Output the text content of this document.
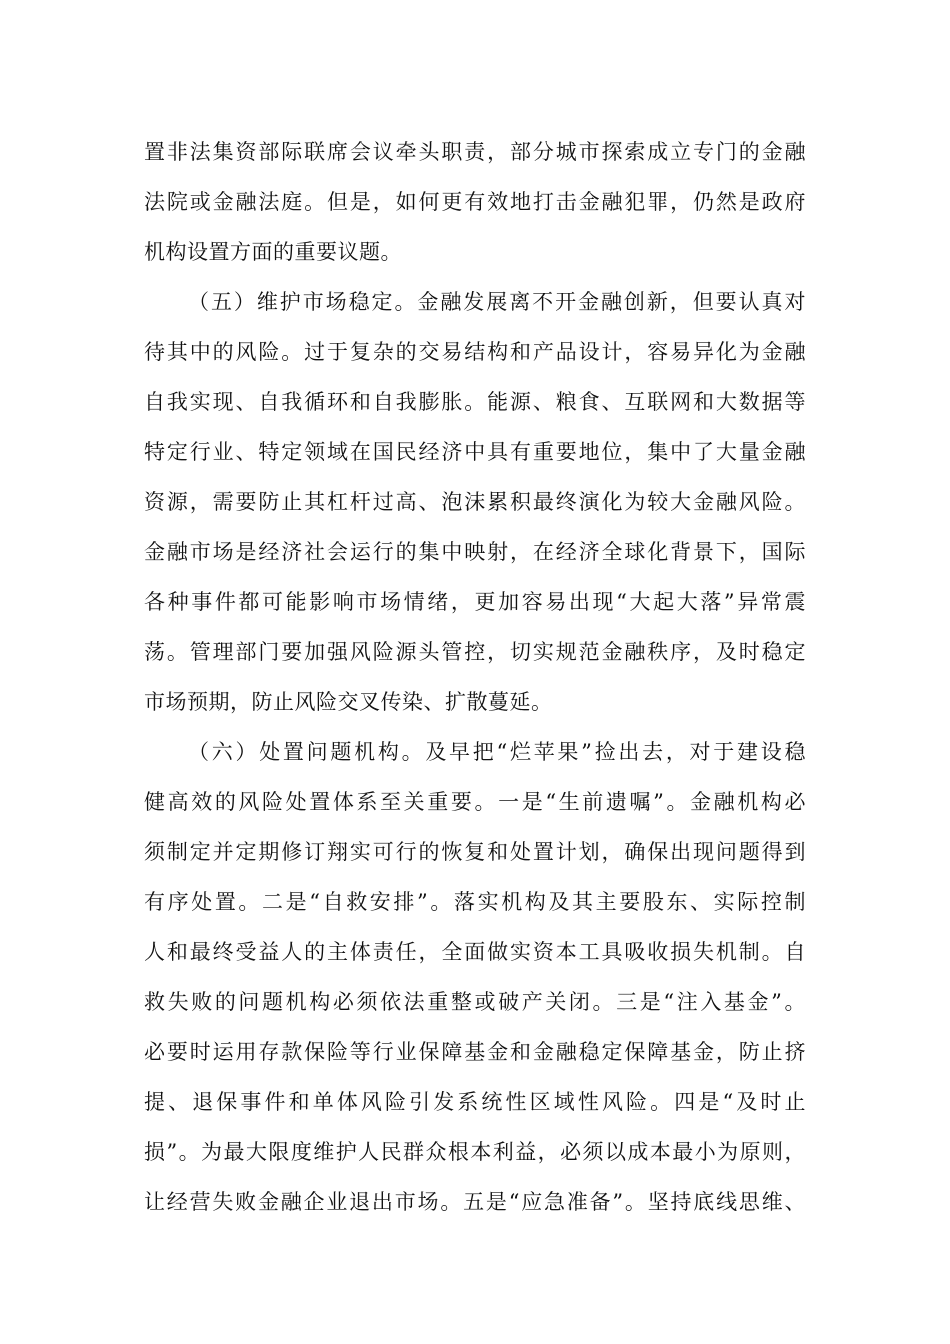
置非法集资部际联席会议牵头职责，部分城市探索成立专门的金融
法院或金融法庭。但是，如何更有效地打击金融犯罪，仍然是政府
机构设置方面的重要议题。
（五）维护市场稳定。金融发展离不开金融创新，但要认真对
待其中的风险。过于复杂的交易结构和产品设计，容易异化为金融
自我实现、自我循环和自我膨胀。能源、粮食、互联网和大数据等
特定行业、特定领域在国民经济中具有重要地位，集中了大量金融
资源，需要防止其杠杆过高、泡沫累积最终演化为较大金融风险。
金融市场是经济社会运行的集中映射，在经济全球化背景下，国际
各种事件都可能影响市场情绪，更加容易出现“大起大落”异常震
荡。管理部门要加强风险源头管控，切实规范金融秩序，及时稳定
市场预期，防止风险交叉传染、扩散蔓延。
（六）处置问题机构。及早把“烂苹果”捡出去，对于建设稳
健高效的风险处置体系至关重要。一是“生前遗嘱”。金融机构必
须制定并定期修订翔实可行的恢复和处置计划，确保出现问题得到
有序处置。二是“自救安排”。落实机构及其主要股东、实际控制
人和最终受益人的主体责任，全面做实资本工具吸收损失机制。自
救失败的问题机构必须依法重整或破产关闭。三是“注入基金”。
必要时运用存款保险等行业保障基金和金融稳定保障基金，防止挤
提、退保事件和单体风险引发系统性区域性风险。四是“及时止
损”。为最大限度维护人民群众根本利益，必须以成本最小为原则，
让经营失败金融企业退出市场。五是“应急准备”。坚持底线思维、
